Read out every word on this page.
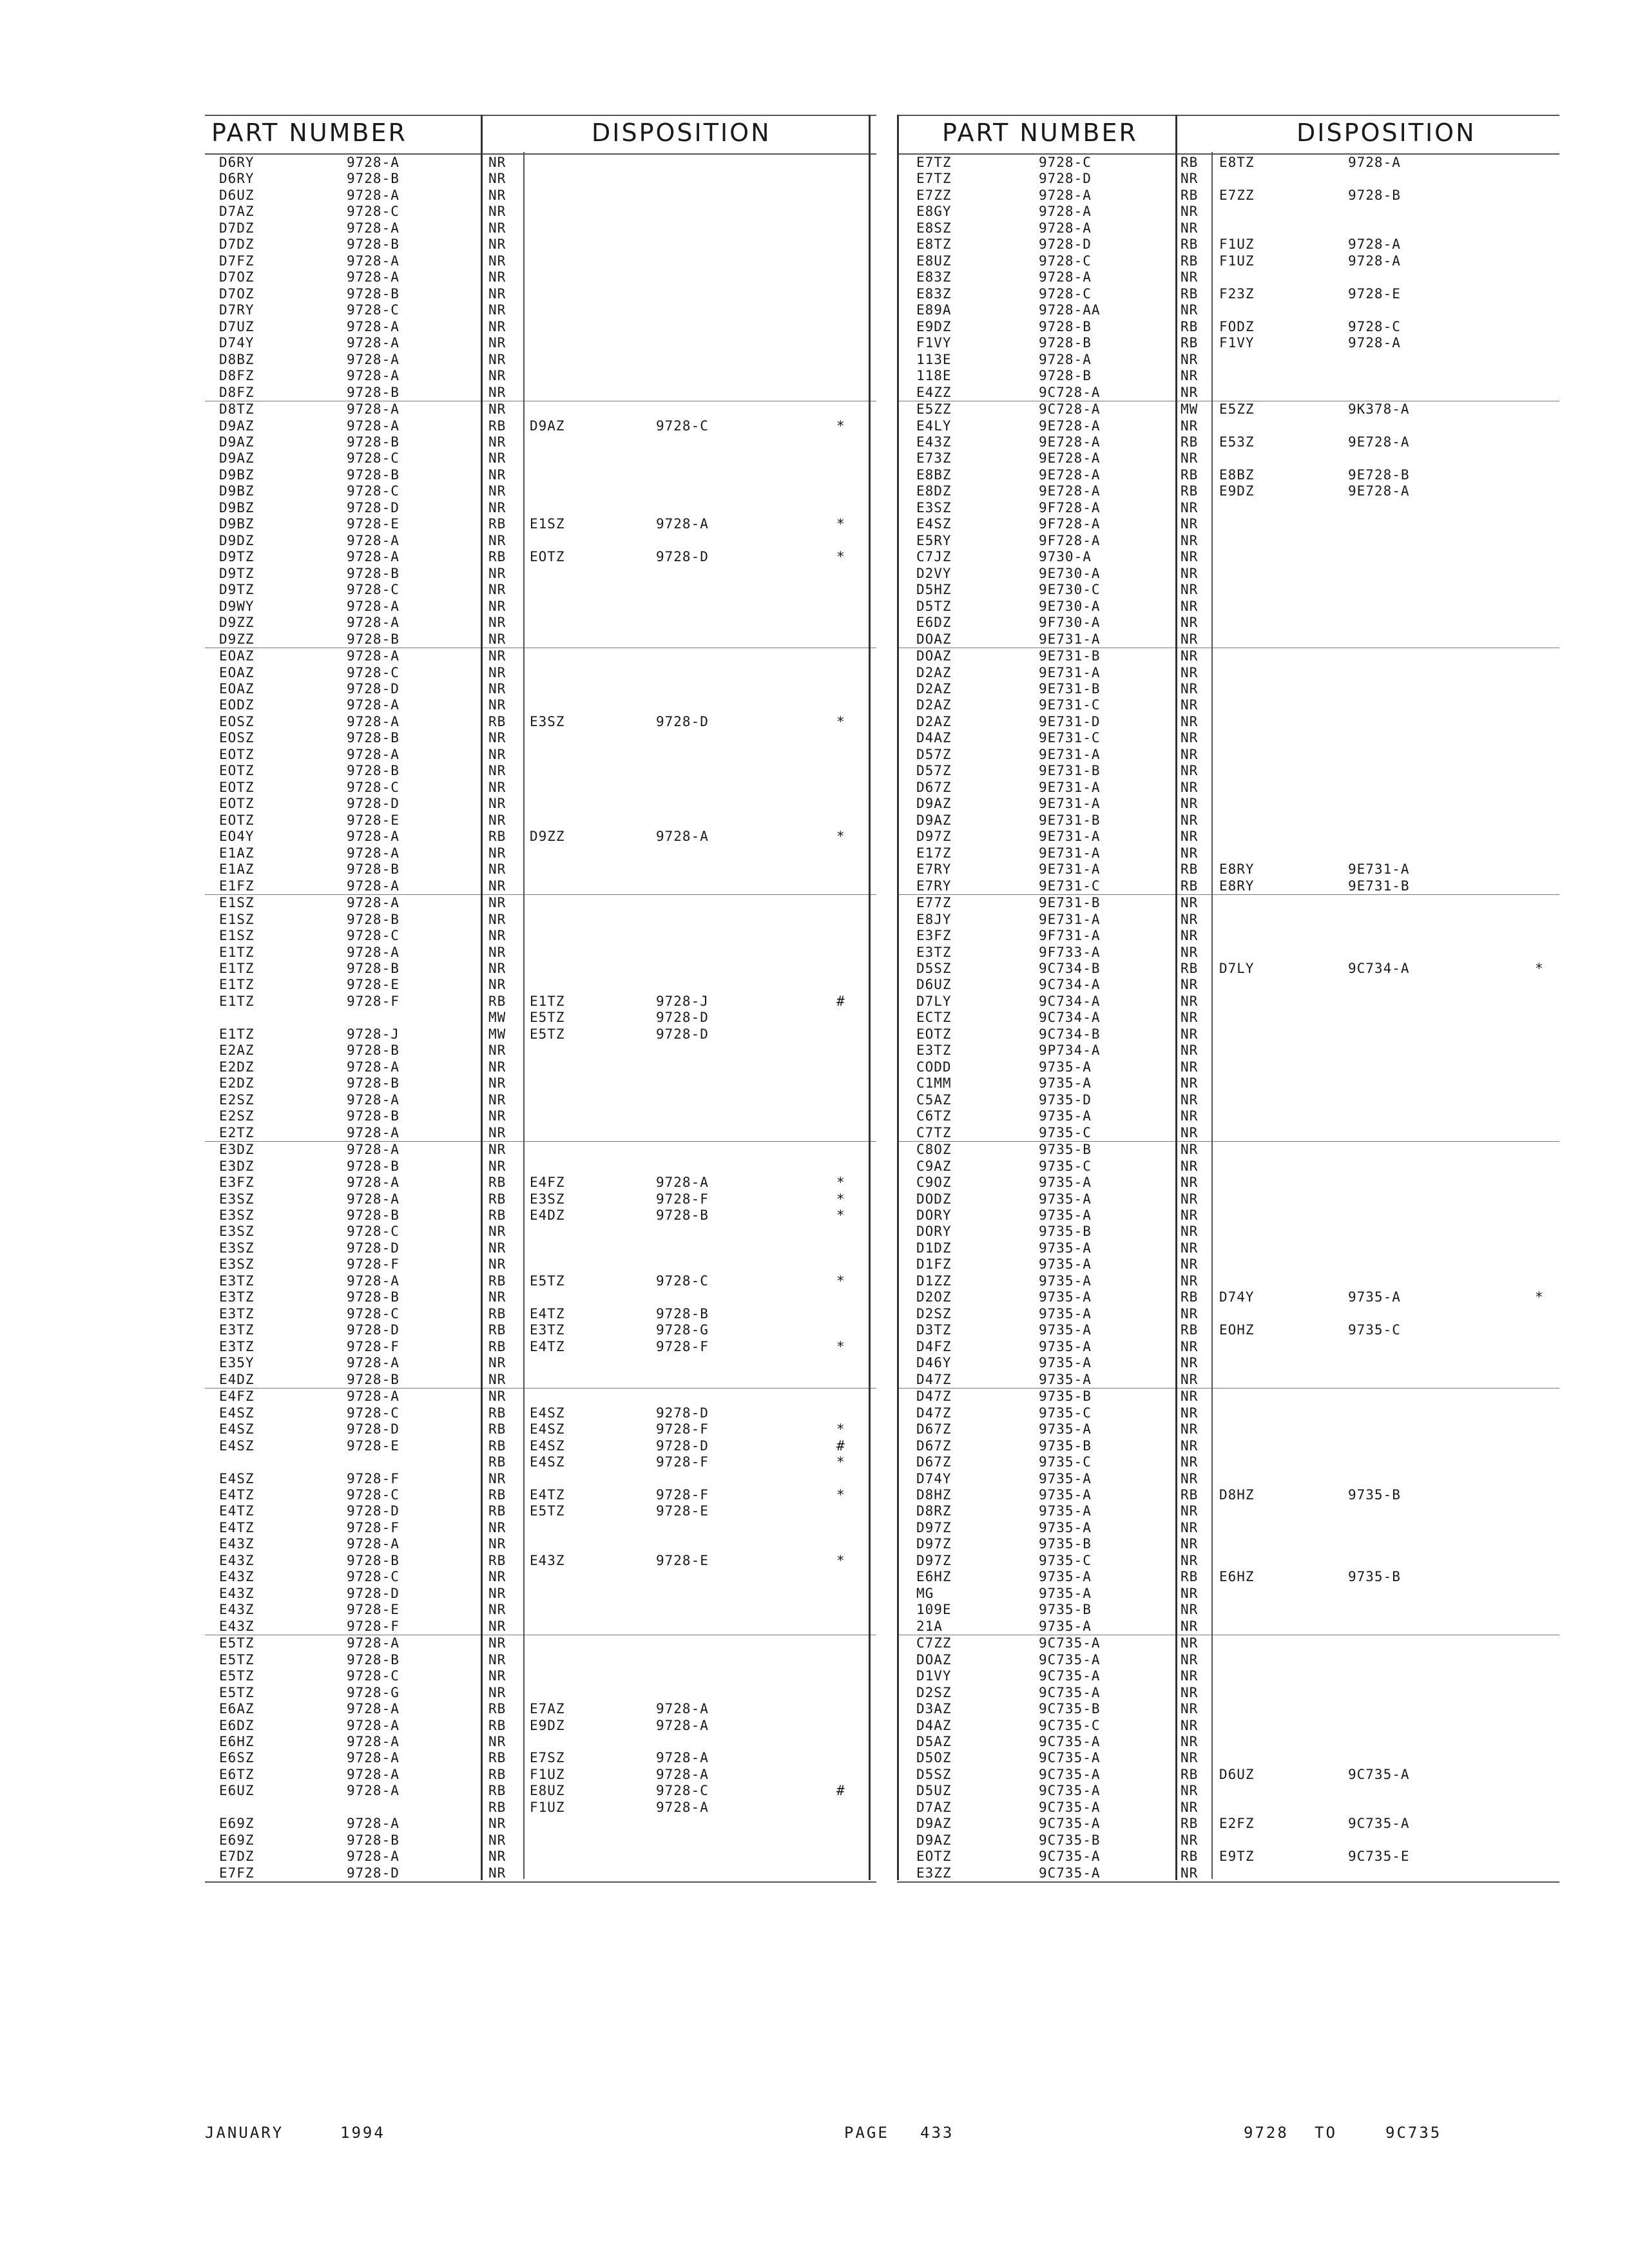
PART NUMBER	DISPOSITION
D6RY	9728-A	NR
D6RY	9728-B	NR
D6UZ	9728-A	NR
D7AZ	9728-C	NR
D7DZ	9728-A	NR
D7DZ	9728-B	NR
D7FZ	9728-A	NR
D7OZ	9728-A	NR
D7OZ	9728-B	NR
D7RY	9728-C	NR
D7UZ	9728-A	NR
D74Y	9728-A	NR
D8BZ	9728-A	NR
D8FZ	9728-A	NR
D8FZ	9728-B	NR
D8TZ	9728-A	NR
D9AZ	9728-A	RB D9AZ	9728-C	*
D9AZ	9728-B	NR
D9AZ	9728-C	NR
D9BZ	9728-B	NR
D9BZ	9728-C	NR
D9BZ	9728-D	NR
D9BZ	9728-E	RB E1SZ	9728-A	*
D9DZ	9728-A	NR
D9TZ	9728-A	RB EOTZ	9728-D	*
D9TZ	9728-B	NR
D9TZ	9728-C	NR
D9WY	9728-A	NR
D9ZZ	9728-A	NR
D9ZZ	9728-B	NR
EOAZ	9728-A	NR
EOAZ	9728-C	NR
EOAZ	9728-D	NR
EODZ	9728-A	NR
EOSZ	9728-A	RB E3SZ	9728-D	*
EOSZ	9728-B	NR
EOTZ	9728-A	NR
EOTZ	9728-B	NR
EOTZ	9728-C	NR
EOTZ	9728-D	NR
EOTZ	9728-E	NR
EO4Y	9728-A	RB D9ZZ	9728-A	*
E1AZ	9728-A	NR
E1AZ	9728-B	NR
E1FZ	9728-A	NR
E1SZ	9728-A	NR
E1SZ	9728-B	NR
E1SZ	9728-C	NR
E1TZ	9728-A	NR
E1TZ	9728-B	NR
E1TZ	9728-E	NR
E1TZ	9728-F	RB E1TZ	9728-J	#
MW E5TZ	9728-D
E1TZ	9728-J	MW E5TZ	9728-D
E2AZ	9728-B	NR
E2DZ	9728-A	NR
E2DZ	9728-B	NR
E2SZ	9728-A	NR
E2SZ	9728-B	NR
E2TZ	9728-A	NR
E3DZ	9728-A	NR
E3DZ	9728-B	NR
E3FZ	9728-A	RB E4FZ	9728-A	*
E3SZ	9728-A	RB E3SZ	9728-F	*
E3SZ	9728-B	RB E4DZ	9728-B	*
E3SZ	9728-C	NR
E3SZ	9728-D	NR
E3SZ	9728-F	NR
E3TZ	9728-A	RB E5TZ	9728-C	*
E3TZ	9728-B	NR
E3TZ	9728-C	RB E4TZ	9728-B
E3TZ	9728-D	RB E3TZ	9728-G
E3TZ	9728-F	RB E4TZ	9728-F	*
E35Y	9728-A	NR
E4DZ	9728-B	NR
E4FZ	9728-A	NR
E4SZ	9728-C	RB E4SZ	9278-D
E4SZ	9728-D	RB E4SZ	9728-F	*
E4SZ	9728-E	RB E4SZ	9728-D	#
RB E4SZ	9728-F	*
E4SZ	9728-F	NR
E4TZ	9728-C	RB E4TZ	9728-F	*
E4TZ	9728-D	RB E5TZ	9728-E
E4TZ	9728-F	NR
E43Z	9728-A	NR
E43Z	9728-B	RB E43Z	9728-E	*
E43Z	9728-C	NR
E43Z	9728-D	NR
E43Z	9728-E	NR
E43Z	9728-F	NR
E5TZ	9728-A	NR
E5TZ	9728-B	NR
E5TZ	9728-C	NR
E5TZ	9728-G	NR
E6AZ	9728-A	RB E7AZ	9728-A
E6DZ	9728-A	RB E9DZ	9728-A
E6HZ	9728-A	NR
E6SZ	9728-A	RB E7SZ	9728-A
E6TZ	9728-A	RB F1UZ	9728-A
E6UZ	9728-A	RB E8UZ	9728-C	#
RB F1UZ	9728-A
E69Z	9728-A	NR
E69Z	9728-B	NR
E7DZ	9728-A	NR
E7FZ	9728-D	NR
PART NUMBER	DISPOSITION
E7TZ	9728-C	RB E8TZ	9728-A
E7TZ	9728-D	NR
E7ZZ	9728-A	RB E7ZZ	9728-B
E8GY	9728-A	NR
E8SZ	9728-A	NR
E8TZ	9728-D	RB F1UZ	9728-A
E8UZ	9728-C	RB F1UZ	9728-A
E83Z	9728-A	NR
E83Z	9728-C	RB F23Z	9728-E
E89A	9728-AA	NR
E9DZ	9728-B	RB FODZ	9728-C
F1VY	9728-B	RB F1VY	9728-A
113E	9728-A	NR
118E	9728-B	NR
E4ZZ	9C728-A	NR
E5ZZ	9C728-A	MW E5ZZ	9K378-A
E4LY	9E728-A	NR
E43Z	9E728-A	RB E53Z	9E728-A
E73Z	9E728-A	NR
E8BZ	9E728-A	RB E8BZ	9E728-B
E8DZ	9E728-A	RB E9DZ	9E728-A
E3SZ	9F728-A	NR
E4SZ	9F728-A	NR
E5RY	9F728-A	NR
C7JZ	9730-A	NR
D2VY	9E730-A	NR
D5HZ	9E730-C	NR
D5TZ	9E730-A	NR
E6DZ	9F730-A	NR
DOAZ	9E731-A	NR
DOAZ	9E731-B	NR
D2AZ	9E731-A	NR
D2AZ	9E731-B	NR
D2AZ	9E731-C	NR
D2AZ	9E731-D	NR
D4AZ	9E731-C	NR
D57Z	9E731-A	NR
D57Z	9E731-B	NR
D67Z	9E731-A	NR
D9AZ	9E731-A	NR
D9AZ	9E731-B	NR
D97Z	9E731-A	NR
E17Z	9E731-A	NR
E7RY	9E731-A	RB E8RY	9E731-A
E7RY	9E731-C	RB E8RY	9E731-B
E77Z	9E731-B	NR
E8JY	9E731-A	NR
E3FZ	9F731-A	NR
E3TZ	9F733-A	NR
D5SZ	9C734-B	RB D7LY	9C734-A	*
D6UZ	9C734-A	NR
D7LY	9C734-A	NR
ECTZ	9C734-A	NR
EOTZ	9C734-B	NR
E3TZ	9P734-A	NR
CODD	9735-A	NR
C1MM	9735-A	NR
C5AZ	9735-D	NR
C6TZ	9735-A	NR
C7TZ	9735-C	NR
C8OZ	9735-B	NR
C9AZ	9735-C	NR
C9OZ	9735-A	NR
DODZ	9735-A	NR
DORY	9735-A	NR
DORY	9735-B	NR
D1DZ	9735-A	NR
D1FZ	9735-A	NR
D1ZZ	9735-A	NR
D2OZ	9735-A	RB D74Y	9735-A	*
D2SZ	9735-A	NR
D3TZ	9735-A	RB EOHZ	9735-C
D4FZ	9735-A	NR
D46Y	9735-A	NR
D47Z	9735-A	NR
D47Z	9735-B	NR
D47Z	9735-C	NR
D67Z	9735-A	NR
D67Z	9735-B	NR
D67Z	9735-C	NR
D74Y	9735-A	NR
D8HZ	9735-A	RB D8HZ	9735-B
D8RZ	9735-A	NR
D97Z	9735-A	NR
D97Z	9735-B	NR
D97Z	9735-C	NR
E6HZ	9735-A	RB E6HZ	9735-B
MG	9735-A	NR
109E	9735-B	NR
21A	9735-A	NR
C7ZZ	9C735-A	NR
DOAZ	9C735-A	NR
D1VY	9C735-A	NR
D2SZ	9C735-A	NR
D3AZ	9C735-B	NR
D4AZ	9C735-C	NR
D5AZ	9C735-A	NR
D5OZ	9C735-A	NR
D5SZ	9C735-A	RB D6UZ	9C735-A
D5UZ	9C735-A	NR
D7AZ	9C735-A	NR
D9AZ	9C735-A	RB E2FZ	9C735-A
D9AZ	9C735-B	NR
EOTZ	9C735-A	RB E9TZ	9C735-E
E3ZZ	9C735-A	NR
JANUARY	1994	PAGE 433	9728 TO	9C735
